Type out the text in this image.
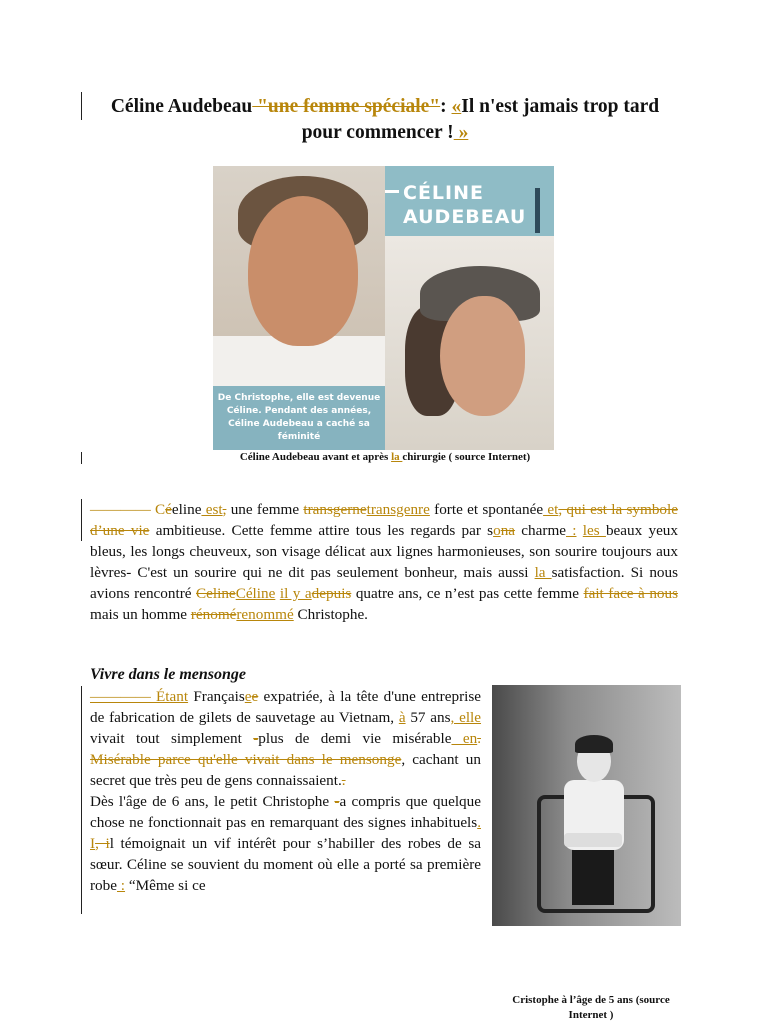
Céline Audebeau "une femme spéciale": «Il n'est jamais trop tard pour commencer ! »
CÉLINE
AUDEBEAU
De Christophe, elle est devenue Céline. Pendant des années, Céline Audebeau a caché sa féminité
Céline Audebeau avant et après la chirurgie ( source Internet)
———— Céeline est, une femme transgernetransgenre forte et spontanée et, qui est la symbole d’une vie ambitieuse. Cette femme attire tous les regards par sona charme : les beaux yeux bleus, les longs cheuveux, son visage délicat aux lignes harmonieuses, son sourire toujours aux lèvres- C'est un sourire qui ne dit pas seulement bonheur, mais aussi la satisfaction. Si nous avions rencontré CelineCéline il y adepuis quatre ans, ce n’est pas cette femme fait face à nous mais un homme rénomérenommé Christophe.
Vivre dans le mensonge
———— Étant Françaisee expatriée, à la tête d'une entreprise de fabrication de gilets de sauvetage au Vietnam, à 57 ans, elle vivait tout simplement -plus de demi vie misérable en. Misérable parce qu'elle vivait dans le mensonge, cachant un secret que très peu de gens connaissaient..
Dès l'âge de 6 ans, le petit Christophe -a compris que quelque chose ne fonctionnait pas en remarquant des signes inhabituels. I, il témoignait un vif intérêt pour s’habiller des robes de sa sœur. Céline se souvient du moment où elle a porté sa première robe : “Même si ce
Cristophe à l’âge de 5 ans (source Internet )
